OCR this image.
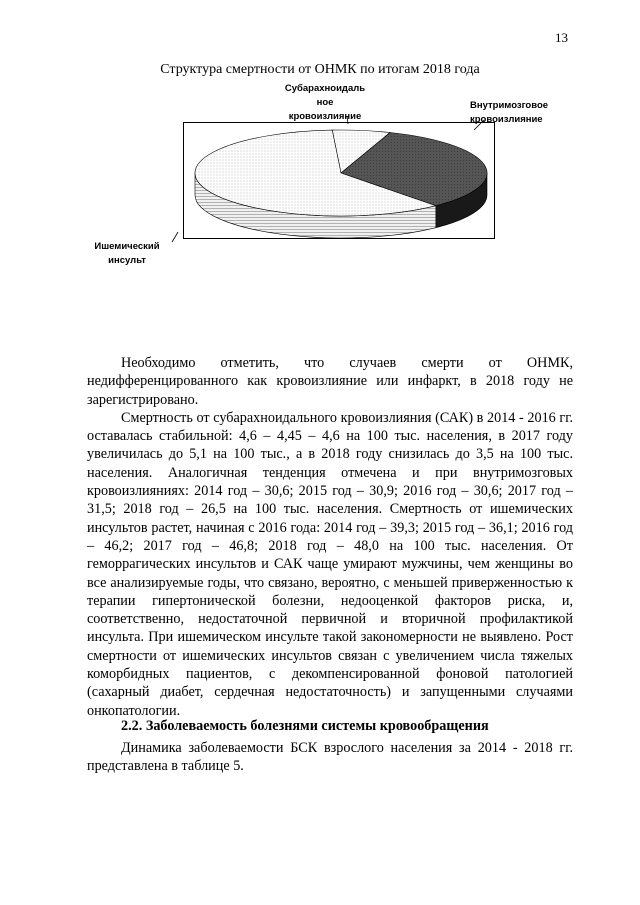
13
Структура смертности от ОНМК по итогам 2018 года
Субарахноидаль
ное
кровоизлияние
Внутримозговое
кровоизлияние
Ишемический
инсульт

Необходимо отметить, что случаев смерти от ОНМК, недифференцированного как кровоизлияние или инфаркт, в 2018 году не зарегистрировано.

Смертность от субарахноидального кровоизлияния (САК) в 2014 - 2016 гг. оставалась стабильной: 4,6 – 4,45 – 4,6 на 100 тыс. населения, в 2017 году увеличилась до 5,1 на 100 тыс., а в 2018 году снизилась до 3,5 на 100 тыс. населения. Аналогичная тенденция отмечена и при внутримозговых кровоизлияниях: 2014 год – 30,6; 2015 год – 30,9; 2016 год – 30,6; 2017 год – 31,5; 2018 год – 26,5 на 100 тыс. населения. Смертность от ишемических инсультов растет, начиная с 2016 года: 2014 год – 39,3; 2015 год – 36,1; 2016 год – 46,2; 2017 год – 46,8; 2018 год – 48,0 на 100 тыс. населения. От геморрагических инсультов и САК чаще умирают мужчины, чем женщины во все анализируемые годы, что связано, вероятно, с меньшей приверженностью к терапии гипертонической болезни, недооценкой факторов риска, и, соответственно, недостаточной первичной и вторичной профилактикой инсульта. При ишемическом инсульте такой закономерности не выявлено. Рост смертности от ишемических инсультов связан с увеличением числа тяжелых коморбидных пациентов, с декомпенсированной фоновой патологией (сахарный диабет, сердечная недостаточность) и запущенными случаями онкопатологии.

2.2. Заболеваемость болезнями системы кровообращения

Динамика заболеваемости БСК взрослого населения за 2014 - 2018 гг. представлена в таблице 5.
